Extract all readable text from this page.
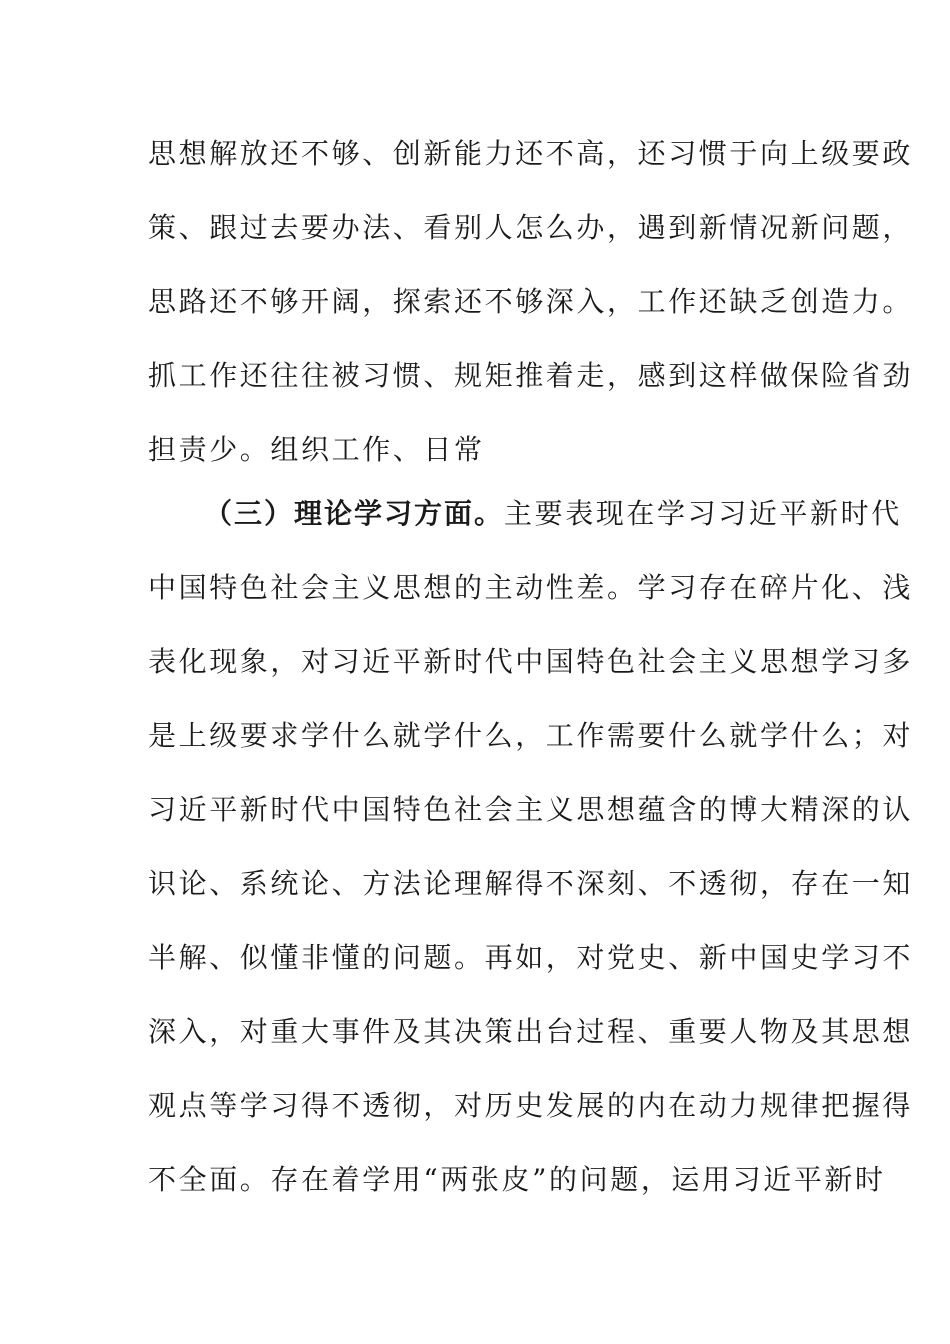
思想解放还不够、创新能力还不高，还习惯于向上级要政
策、跟过去要办法、看别人怎么办，遇到新情况新问题，
思路还不够开阔，探索还不够深入，工作还缺乏创造力。
抓工作还往往被习惯、规矩推着走，感到这样做保险省劲
担责少。组织工作、日常
（三）理论学习方面。 主要表现在学习习近平新时代
中国特色社会主义思想的主动性差。学习存在碎片化、浅
表化现象，对习近平新时代中国特色社会主义思想学习多
是上级要求学什么就学什么，工作需要什么就学什么；对
习近平新时代中国特色社会主义思想蕴含的博大精深的认
识论、系统论、方法论理解得不深刻、不透彻，存在一知
半解、似懂非懂的问题。再如，对党史、新中国史学习不
深入，对重大事件及其决策出台过程、重要人物及其思想
观点等学习得不透彻，对历史发展的内在动力规律把握得
不全面。存在着学用“两张皮”的问题，运用习近平新时
